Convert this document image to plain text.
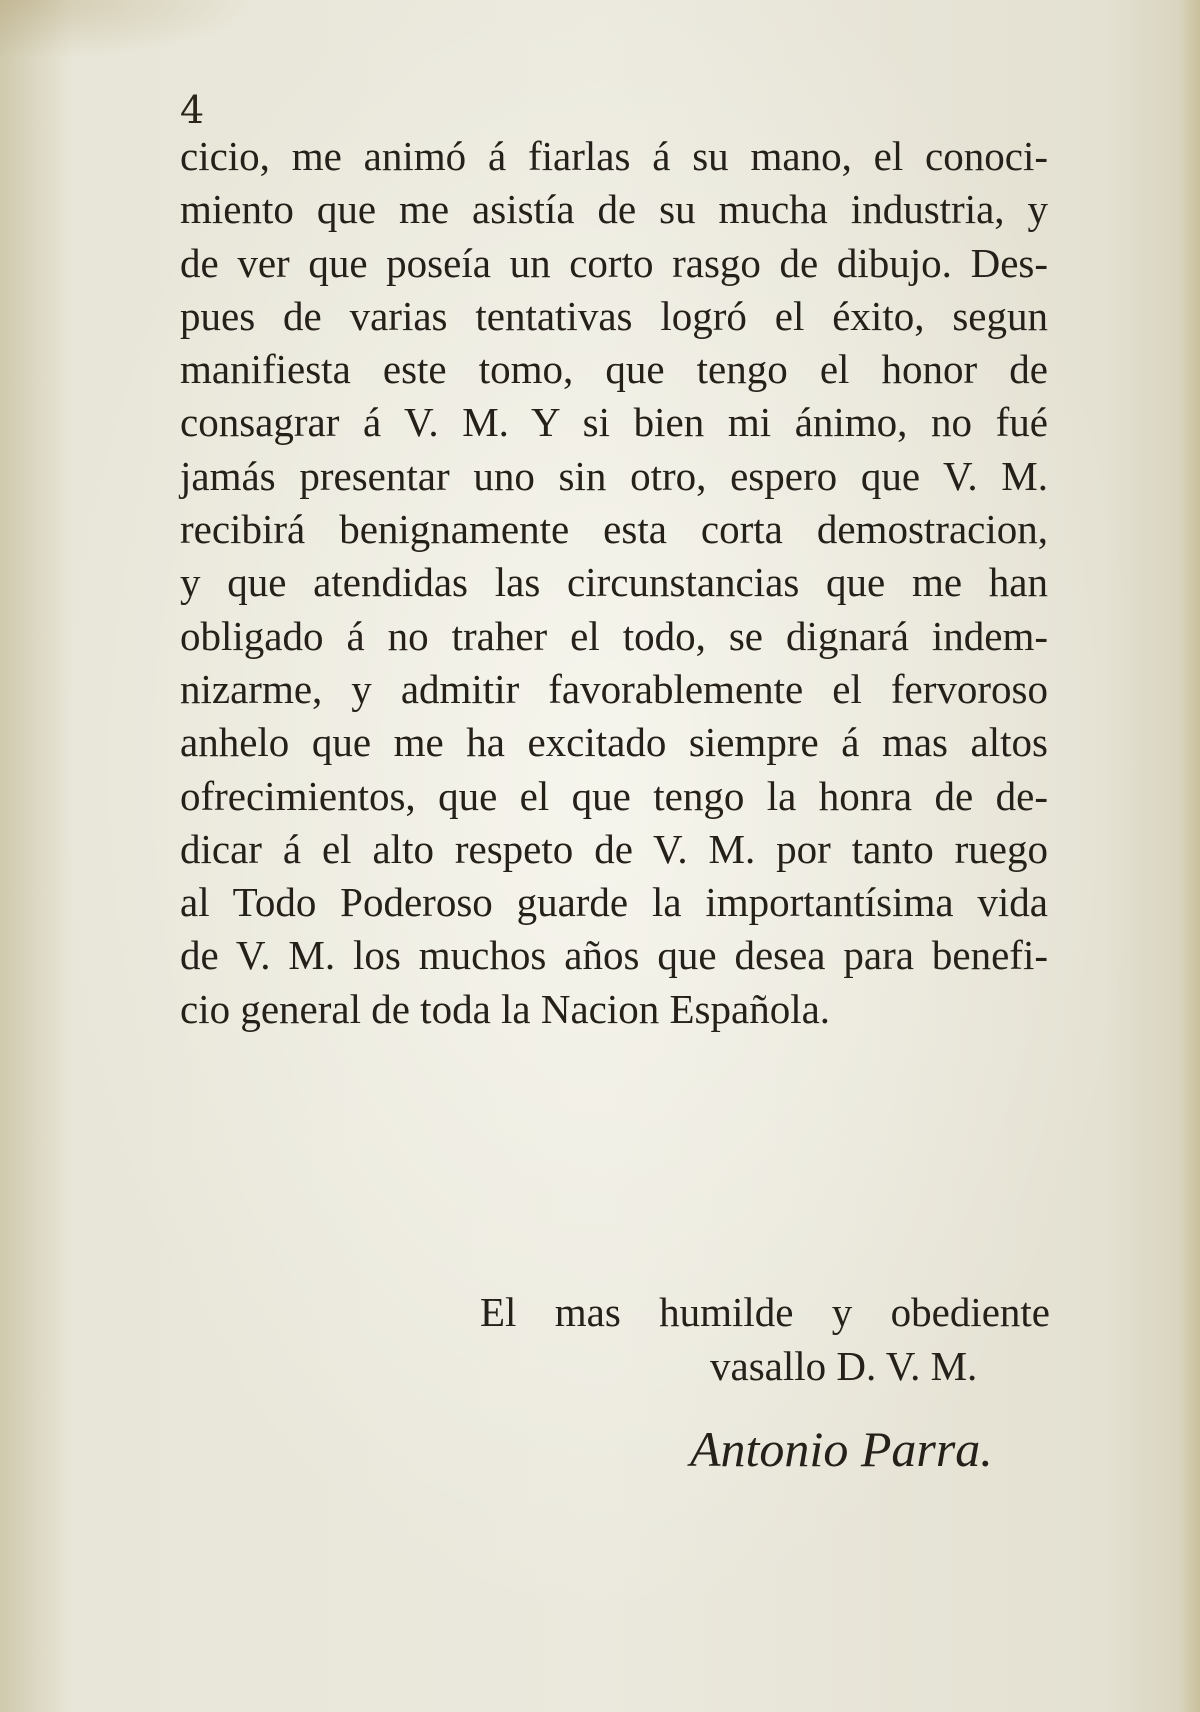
4

cicio, me animó á fiarlas á su mano, el conoci-
miento que me asistía de su mucha industria, y
de ver que poseía un corto rasgo de dibujo. Des-
pues de varias tentativas logró el éxito, segun
manifiesta este tomo, que tengo el honor de
consagrar á V. M. Y si bien mi ánimo, no fué
jamás presentar uno sin otro, espero que V. M.
recibirá benignamente esta corta demostracion,
y que atendidas las circunstancias que me han
obligado á no traher el todo, se dignará indem-
nizarme, y admitir favorablemente el fervoroso
anhelo que me ha excitado siempre á mas altos
ofrecimientos, que el que tengo la honra de de-
dicar á el alto respeto de V. M. por tanto ruego
al Todo Poderoso guarde la importantísima vida
de V. M. los muchos años que desea para benefi-
cio general de toda la Nacion Española.
El mas humilde y obediente
vasallo D. V. M.
Antonio Parra.
